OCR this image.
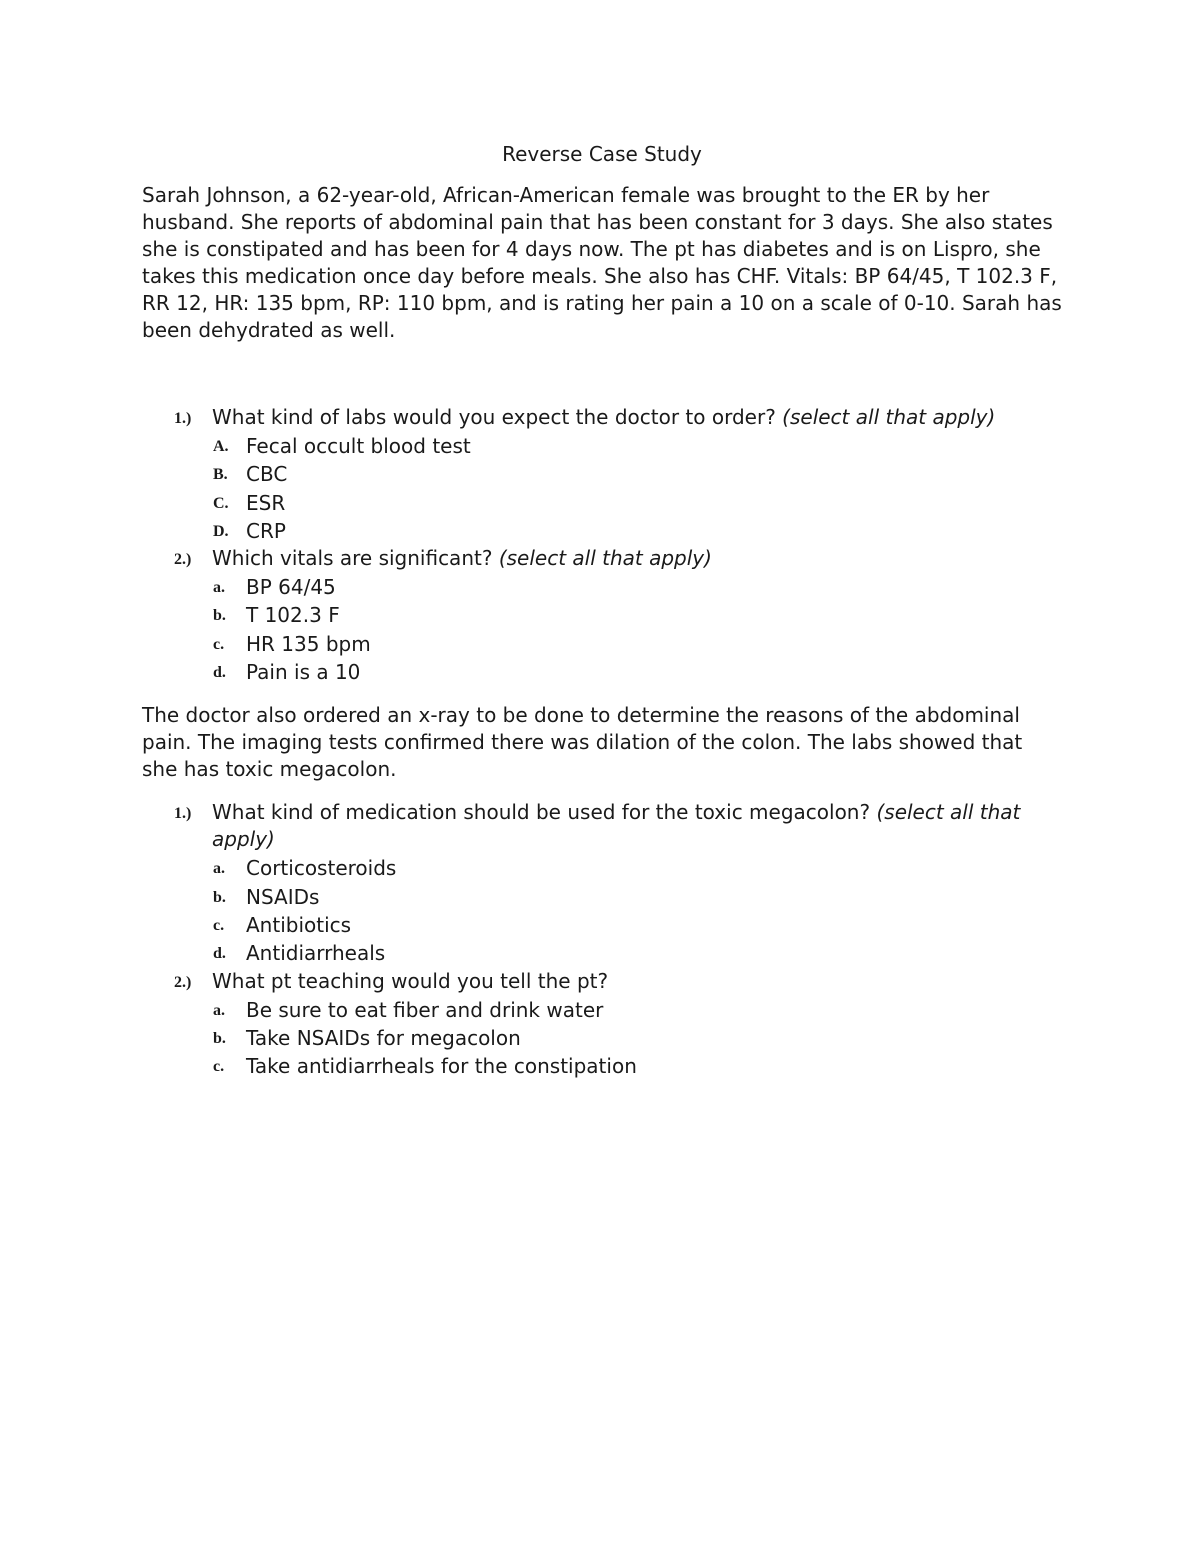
Reverse Case Study

Sarah Johnson, a 62-year-old, African-American female was brought to the ER by her husband. She reports of abdominal pain that has been constant for 3 days. She also states she is constipated and has been for 4 days now. The pt has diabetes and is on Lispro, she takes this medication once day before meals. She also has CHF. Vitals: BP 64/45, T 102.3 F, RR 12, HR: 135 bpm, RP: 110 bpm, and is rating her pain a 10 on a scale of 0-10. Sarah has been dehydrated as well.

1.) What kind of labs would you expect the doctor to order? (select all that apply)
A. Fecal occult blood test
B. CBC
C. ESR
D. CRP
2.) Which vitals are significant? (select all that apply)
a. BP 64/45
b. T 102.3 F
c. HR 135 bpm
d. Pain is a 10

The doctor also ordered an x-ray to be done to determine the reasons of the abdominal pain. The imaging tests confirmed there was dilation of the colon. The labs showed that she has toxic megacolon.

1.) What kind of medication should be used for the toxic megacolon? (select all that apply)
a. Corticosteroids
b. NSAIDs
c. Antibiotics
d. Antidiarrheals
2.) What pt teaching would you tell the pt?
a. Be sure to eat fiber and drink water
b. Take NSAIDs for megacolon
c. Take antidiarrheals for the constipation
